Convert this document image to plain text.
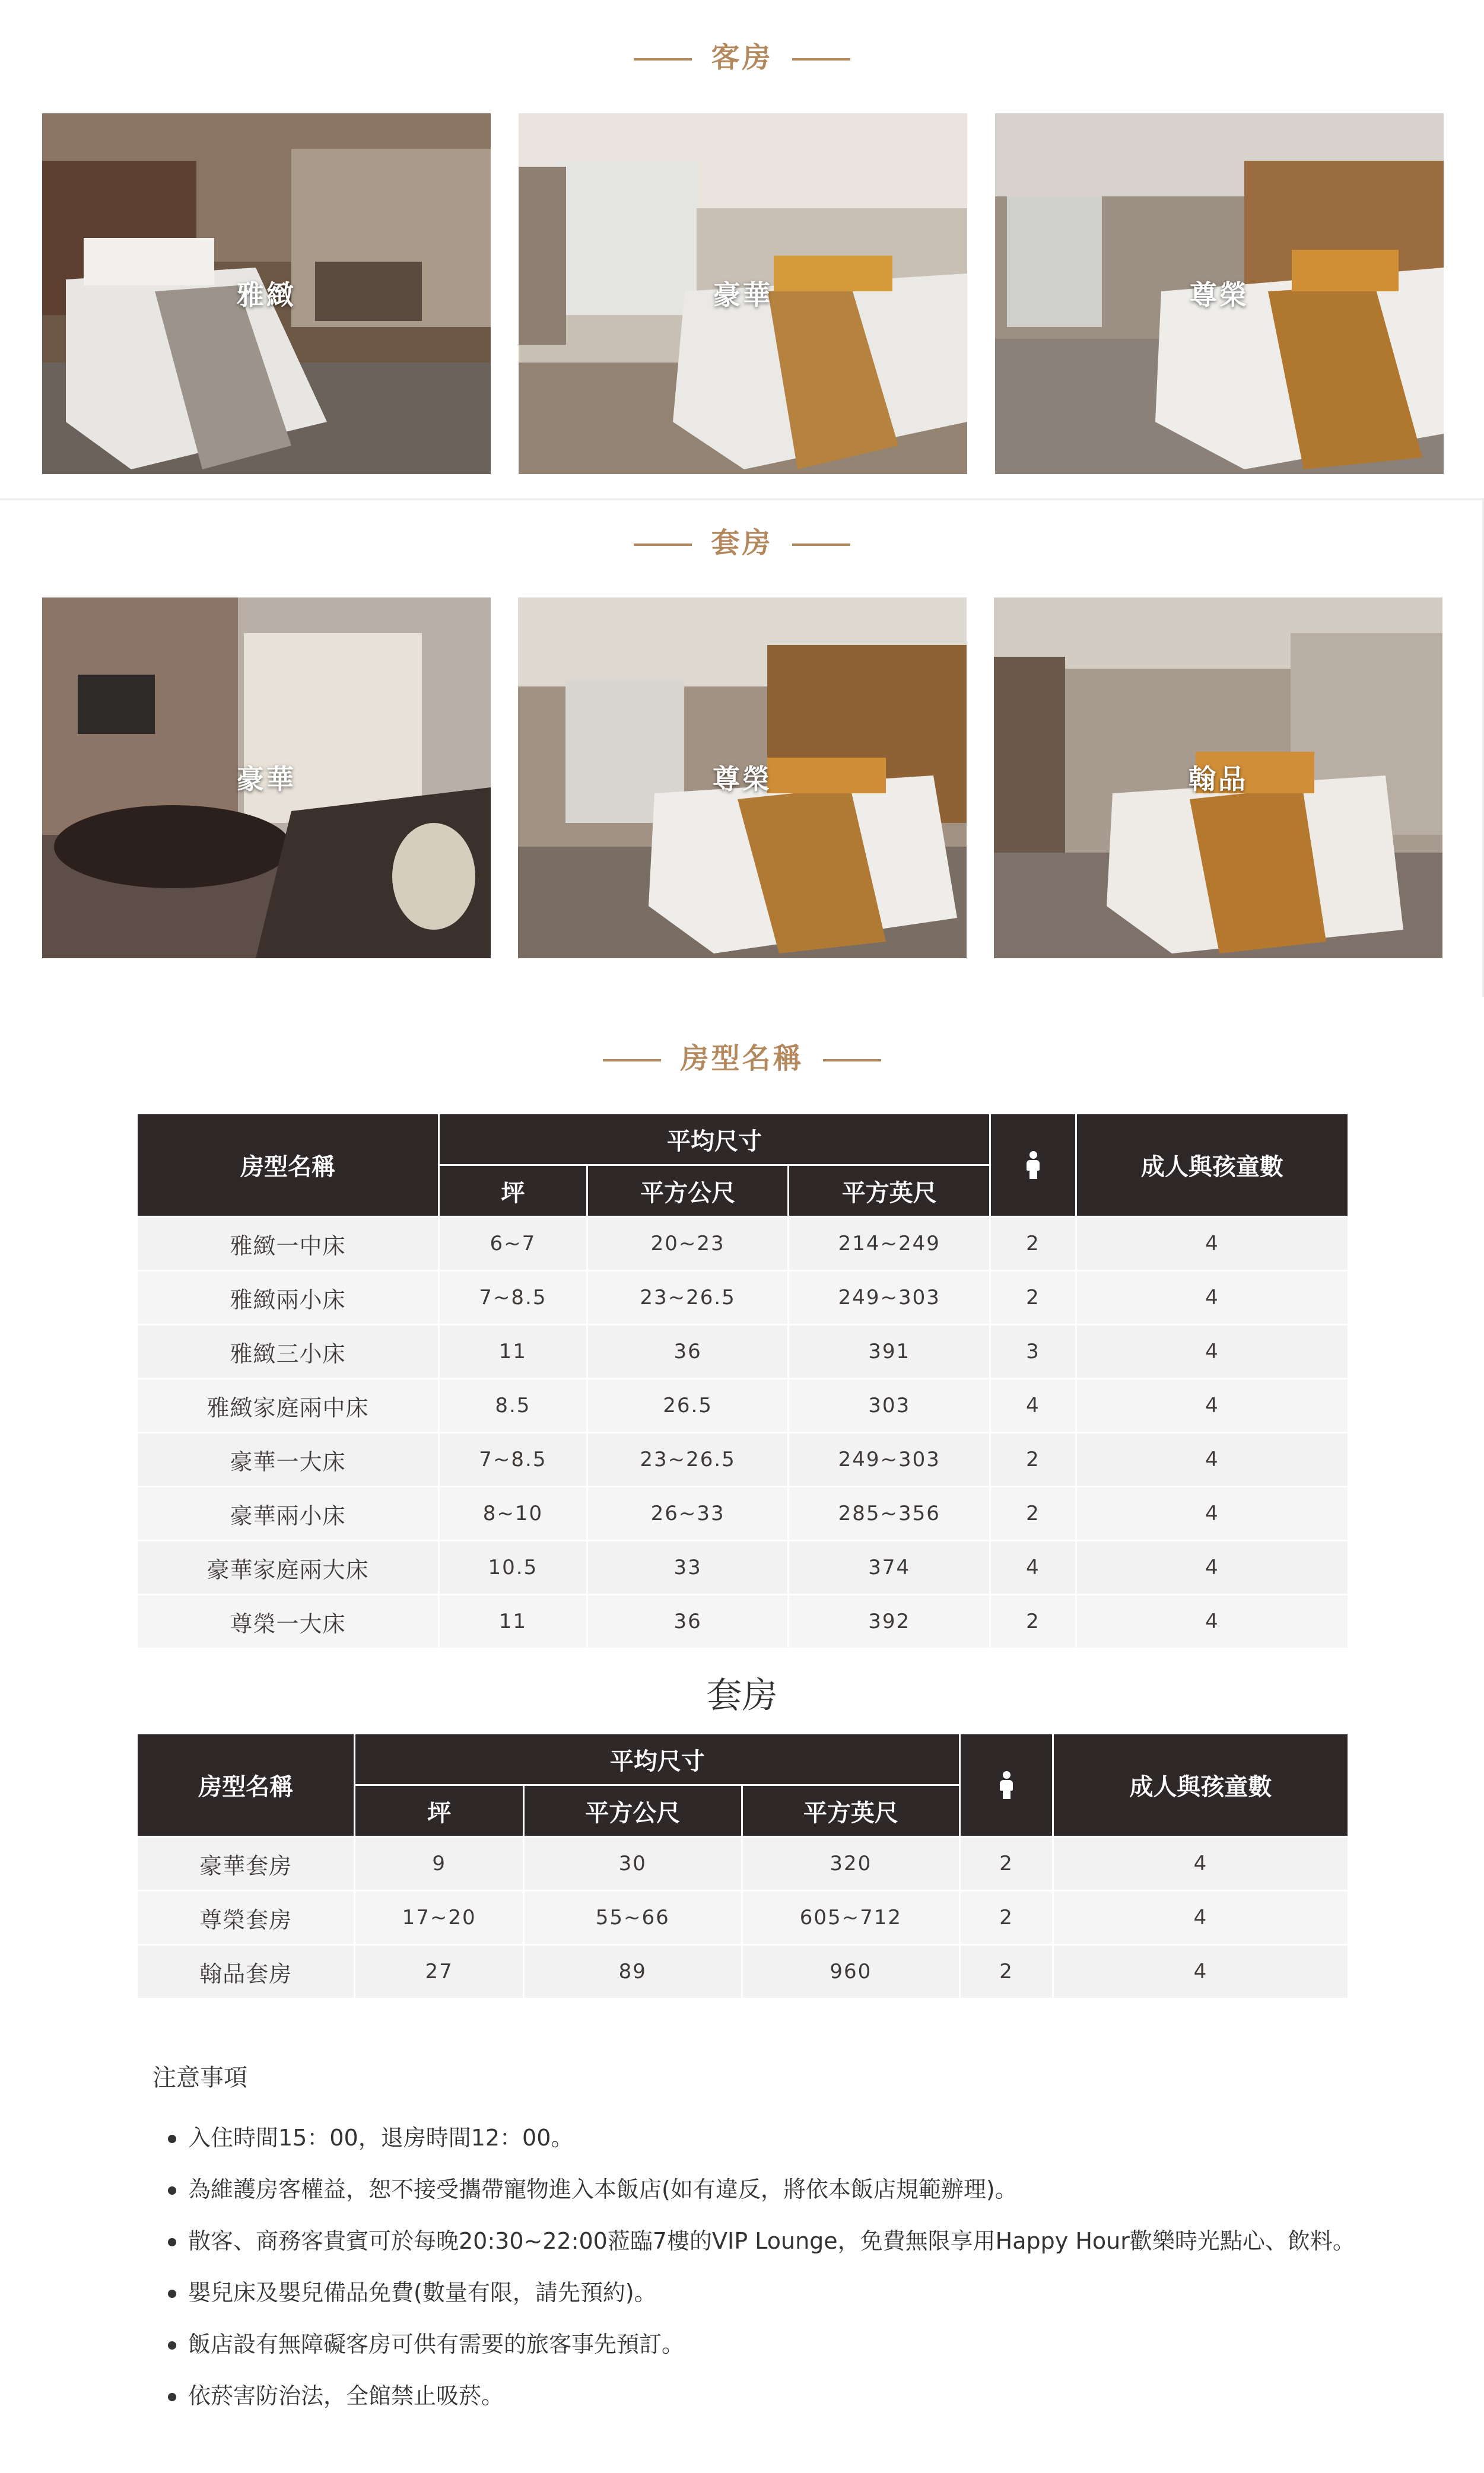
客房
雅緻	豪華	尊榮
套房
豪華	尊榮	翰品
房型名稱
房型名稱	平均尺寸				成人與孩童數
	坪	平方公尺	平方英尺		
雅緻一中床	6~7	20~23	214~249	2	4
雅緻兩小床	7~8.5	23~26.5	249~303	2	4
雅緻三小床	11	36	391	3	4
雅緻家庭兩中床	8.5	26.5	303	4	4
豪華一大床	7~8.5	23~26.5	249~303	2	4
豪華兩小床	8~10	26~33	285~356	2	4
豪華家庭兩大床	10.5	33	374	4	4
尊榮一大床	11	36	392	2	4
套房
房型名稱	平均尺寸				成人與孩童數
	坪	平方公尺	平方英尺		
豪華套房	9	30	320	2	4
尊榮套房	17~20	55~66	605~712	2	4
翰品套房	27	89	960	2	4
注意事項
入住時間15：00，退房時間12：00。
為維護房客權益，恕不接受攜帶寵物進入本飯店(如有違反，將依本飯店規範辦理)。
散客、商務客貴賓可於每晚20:30~22:00蒞臨7樓的VIP Lounge，免費無限享用Happy Hour歡樂時光點心、飲料。
嬰兒床及嬰兒備品免費(數量有限，請先預約)。
飯店設有無障礙客房可供有需要的旅客事先預訂。
依菸害防治法，全館禁止吸菸。
